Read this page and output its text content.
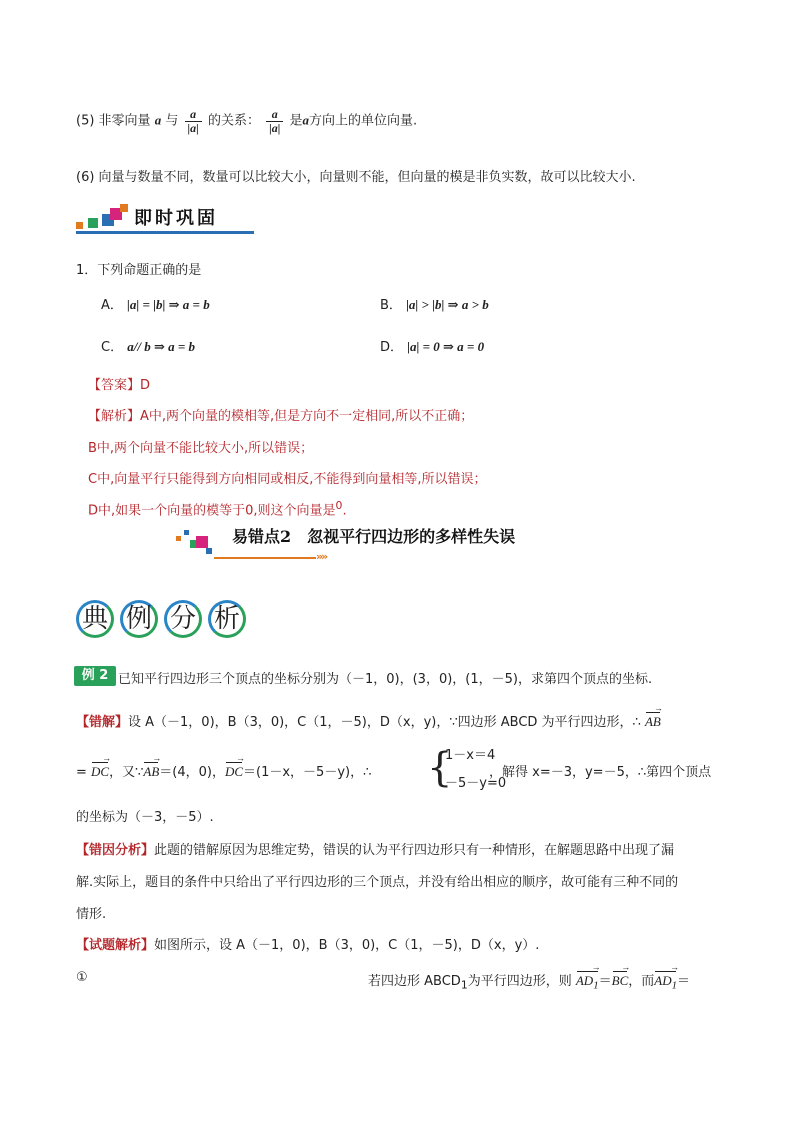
(5) 非零向量 a 与 $\frac{a}{|a|}$ 的关系： $\frac{a}{|a|}$ 是a方向上的单位向量.
(6) 向量与数量不同，数量可以比较大小，向量则不能，但向量的模是非负实数，故可以比较大小.
即时巩固
1．下列命题正确的是
A． |a| = |b| ⇒ a = b	B． |a| > |b| ⇒ a > b
C． a// b ⇒ a = b	D． |a| = 0 ⇒ a = 0
【答案】D
【解析】A中,两个向量的模相等,但是方向不一定相同,所以不正确；
B中,两个向量不能比较大小,所以错误；
C中,向量平行只能得到方向相同或相反,不能得到向量相等,所以错误；
D中,如果一个向量的模等于0,则这个向量是$^0$.
易错点2　忽视平行四边形的多样性失误
»»
典 例 分 析
例 2 已知平行四边形三个顶点的坐标分别为（－1，0)，(3，0)，(1，－5)，求第四个顶点的坐标.
【错解】设 A（－1，0)，B（3，0)，C（1，－5)，D（x，y)，∵四边形 ABCD 为平行四边形，∴ AB →
= DC →，又∵AB →＝(4，0)，DC →＝(1－x，－5－y)，∴ {
1－x＝4
－5－y=0
，解得 x=－3，y=－5，∴第四个顶点
的坐标为（－3，－5）.
【错因分析】此题的错解原因为思维定势，错误的认为平行四边形只有一种情形，在解题思路中出现了漏
解.实际上，题目的条件中只给出了平行四边形的三个顶点，并没有给出相应的顺序，故可能有三种不同的
情形.
【试题解析】如图所示，设 A（－1，0)，B（3，0)，C（1，－5)，D（x，y）.
①	若四边形 $ABCD_1$为平行四边形，则 $AD_1 \to=BC$ →，而$AD_1$ →＝
